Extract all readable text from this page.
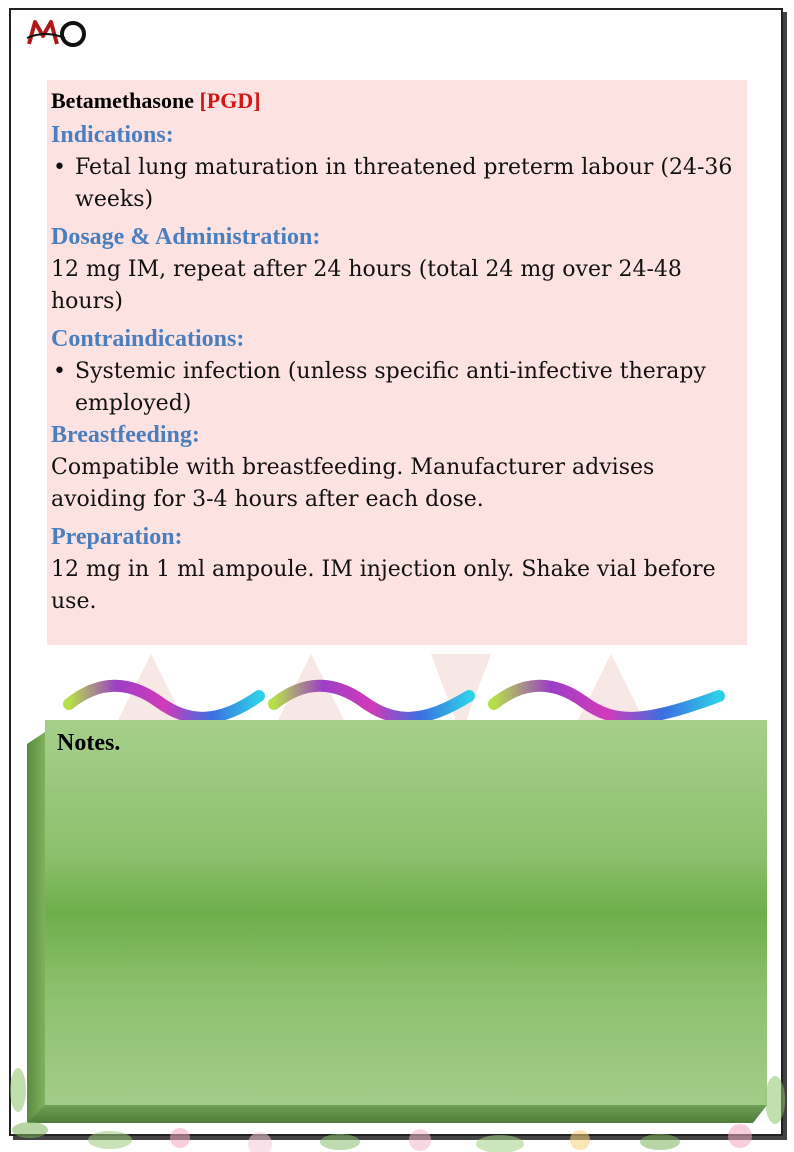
Betamethasone [PGD]
Indications:
• Fetal lung maturation in threatened preterm labour (24-36 weeks)
Dosage & Administration:

12 mg IM, repeat after 24 hours (total 24 mg over 24-48 hours)

Contraindications:
• Systemic infection (unless specific anti-infective therapy employed)
Breastfeeding:

Compatible with breastfeeding. Manufacturer advises avoiding for 3-4 hours after each dose.

Preparation:

12 mg in 1 ml ampoule. IM injection only. Shake vial before use.

Notes.
